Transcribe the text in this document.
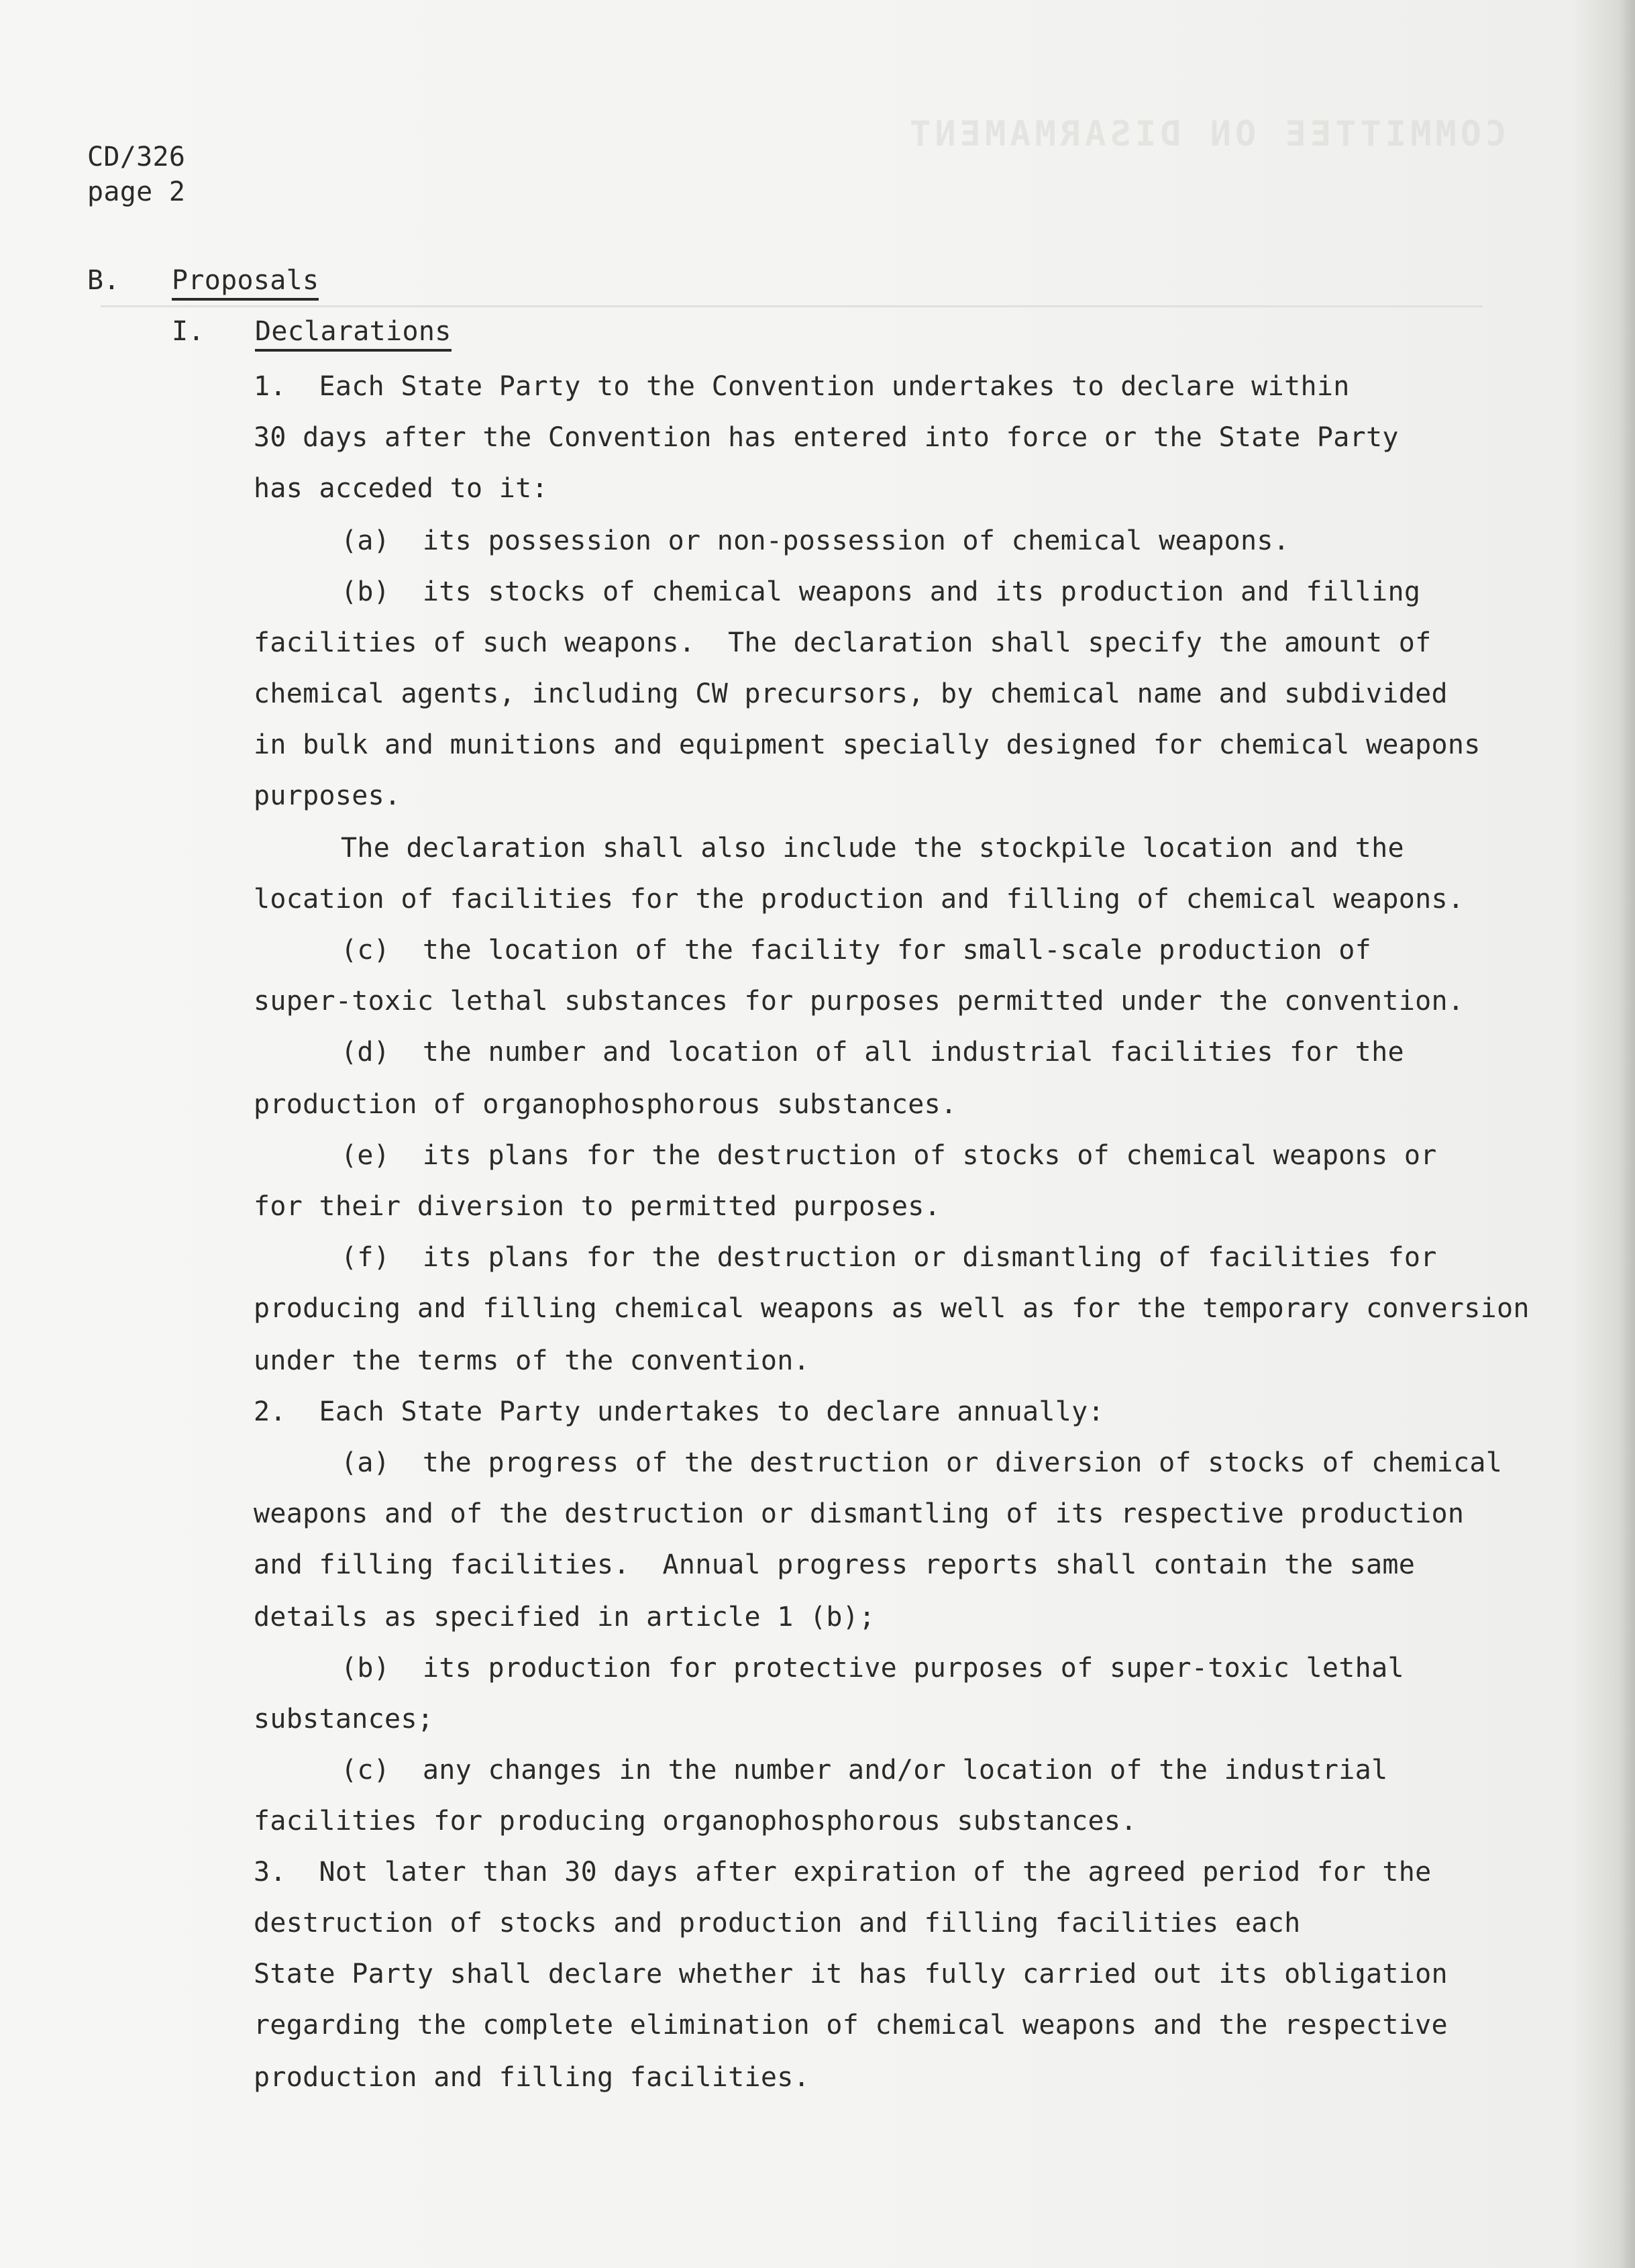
COMMITTEE ON DISARMAMENT
CD/326
page 2
B. Proposals
I. Declarations
1.  Each State Party to the Convention undertakes to declare within
30 days after the Convention has entered into force or the State Party
has acceded to it:
(a)  its possession or non-possession of chemical weapons.
(b)  its stocks of chemical weapons and its production and filling
facilities of such weapons.  The declaration shall specify the amount of
chemical agents, including CW precursors, by chemical name and subdivided
in bulk and munitions and equipment specially designed for chemical weapons
purposes.
The declaration shall also include the stockpile location and the
location of facilities for the production and filling of chemical weapons.
(c)  the location of the facility for small-scale production of
super-toxic lethal substances for purposes permitted under the convention.
(d)  the number and location of all industrial facilities for the
production of organophosphorous substances.
(e)  its plans for the destruction of stocks of chemical weapons or
for their diversion to permitted purposes.
(f)  its plans for the destruction or dismantling of facilities for
producing and filling chemical weapons as well as for the temporary conversion
under the terms of the convention.
2.  Each State Party undertakes to declare annually:
(a)  the progress of the destruction or diversion of stocks of chemical
weapons and of the destruction or dismantling of its respective production
and filling facilities.  Annual progress reports shall contain the same
details as specified in article 1 (b);
(b)  its production for protective purposes of super-toxic lethal
substances;
(c)  any changes in the number and/or location of the industrial
facilities for producing organophosphorous substances.
3.  Not later than 30 days after expiration of the agreed period for the
destruction of stocks and production and filling facilities each
State Party shall declare whether it has fully carried out its obligation
regarding the complete elimination of chemical weapons and the respective
production and filling facilities.
